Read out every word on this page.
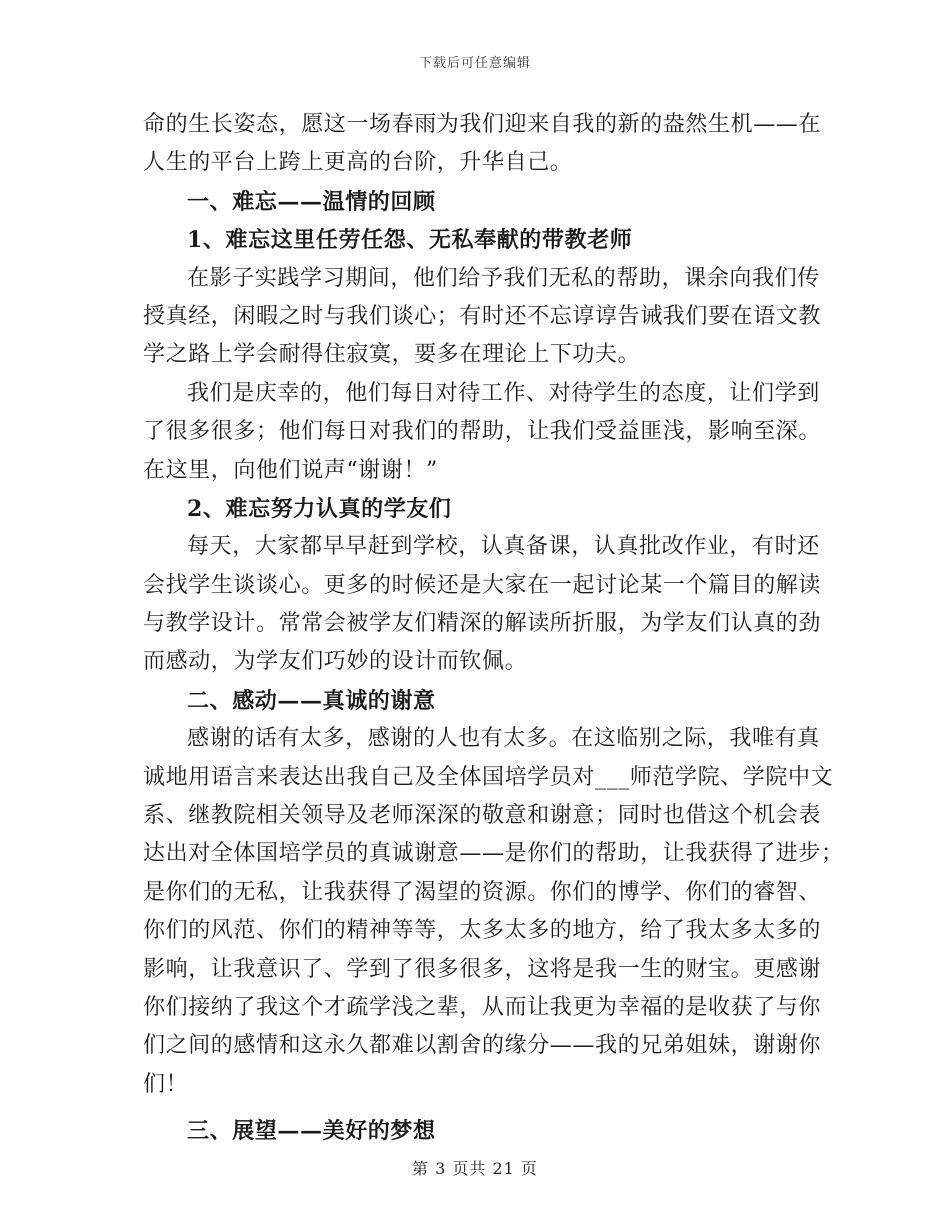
下载后可任意编辑
命的生长姿态，愿这一场春雨为我们迎来自我的新的盎然生机——在
人生的平台上跨上更高的台阶，升华自己。
一、难忘——温情的回顾
1、难忘这里任劳任怨、无私奉献的带教老师
在影子实践学习期间，他们给予我们无私的帮助，课余向我们传
授真经，闲暇之时与我们谈心；有时还不忘谆谆告诫我们要在语文教
学之路上学会耐得住寂寞，要多在理论上下功夫。
我们是庆幸的，他们每日对待工作、对待学生的态度，让们学到
了很多很多；他们每日对我们的帮助，让我们受益匪浅，影响至深。
在这里，向他们说声“谢谢！”
2、难忘努力认真的学友们
每天，大家都早早赶到学校，认真备课，认真批改作业，有时还
会找学生谈谈心。更多的时候还是大家在一起讨论某一个篇目的解读
与教学设计。常常会被学友们精深的解读所折服，为学友们认真的劲
而感动，为学友们巧妙的设计而钦佩。
二、感动——真诚的谢意
感谢的话有太多，感谢的人也有太多。在这临别之际，我唯有真
诚地用语言来表达出我自己及全体国培学员对___师范学院、学院中文
系、继教院相关领导及老师深深的敬意和谢意；同时也借这个机会表
达出对全体国培学员的真诚谢意——是你们的帮助，让我获得了进步；
是你们的无私，让我获得了渴望的资源。你们的博学、你们的睿智、
你们的风范、你们的精神等等，太多太多的地方，给了我太多太多的
影响，让我意识了、学到了很多很多，这将是我一生的财宝。更感谢
你们接纳了我这个才疏学浅之辈，从而让我更为幸福的是收获了与你
们之间的感情和这永久都难以割舍的缘分——我的兄弟姐妹，谢谢你
们！
三、展望——美好的梦想
第 3 页共 21 页
